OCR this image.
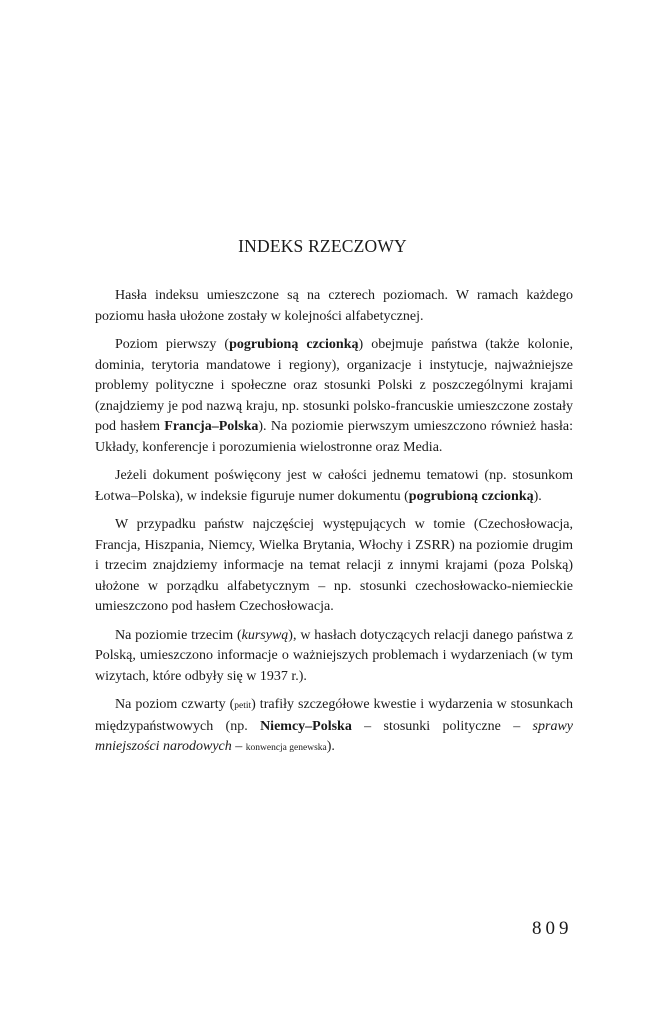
INDEKS RZECZOWY

Hasła indeksu umieszczone są na czterech poziomach. W ramach każdego poziomu hasła ułożone zostały w kolejności alfabetycznej.

Poziom pierwszy (pogrubioną czcionką) obejmuje państwa (także kolonie, dominia, terytoria mandatowe i regiony), organizacje i instytucje, najważniejsze problemy polityczne i społeczne oraz stosunki Polski z poszczególnymi krajami (znajdziemy je pod nazwą kraju, np. stosunki polsko-francuskie umieszczone zostały pod hasłem Francja–Polska). Na poziomie pierwszym umieszczono również hasła: Układy, konferencje i porozumienia wielostronne oraz Media.

Jeżeli dokument poświęcony jest w całości jednemu tematowi (np. stosunkom Łotwa–Polska), w indeksie figuruje numer dokumentu (pogrubioną czcionką).

W przypadku państw najczęściej występujących w tomie (Czechosłowacja, Francja, Hiszpania, Niemcy, Wielka Brytania, Włochy i ZSRR) na poziomie drugim i trzecim znajdziemy informacje na temat relacji z innymi krajami (poza Polską) ułożone w porządku alfabetycznym – np. stosunki czechosłowacko-niemieckie umieszczono pod hasłem Czechosłowacja.

Na poziomie trzecim (kursywą), w hasłach dotyczących relacji danego państwa z Polską, umieszczono informacje o ważniejszych problemach i wydarzeniach (w tym wizytach, które odbyły się w 1937 r.).

Na poziom czwarty (petit) trafiły szczegółowe kwestie i wydarzenia w stosunkach międzypaństwowych (np. Niemcy–Polska – stosunki polityczne – sprawy mniejszości narodowych – konwencja genewska).

809
